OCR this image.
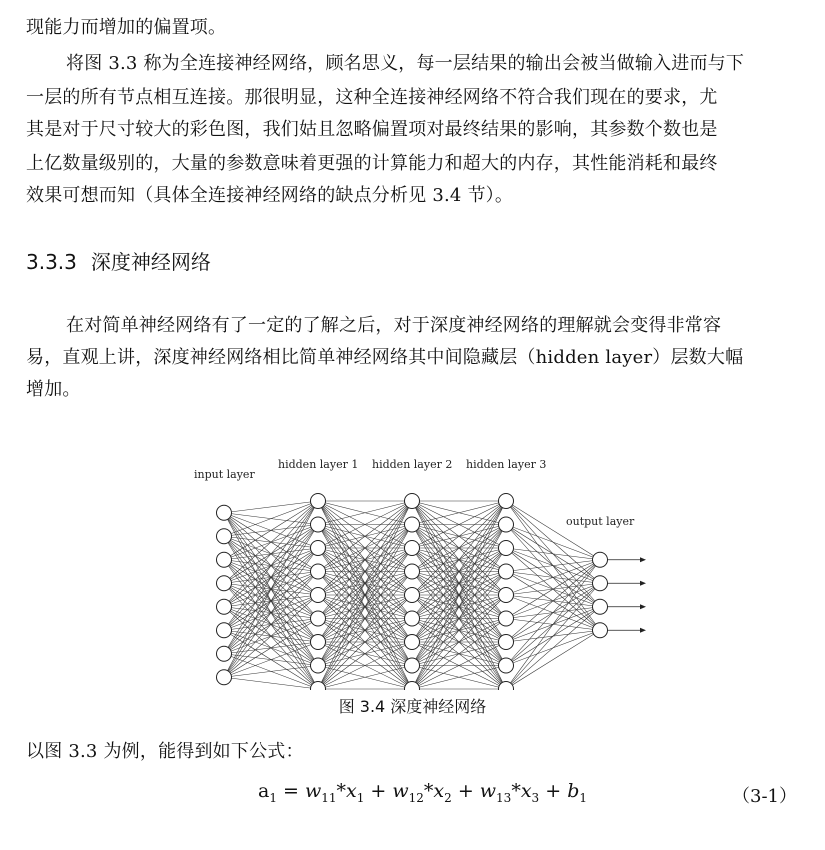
现能力而增加的偏置项。
将图 3.3 称为全连接神经网络，顾名思义，每一层结果的输出会被当做输入进而与下
一层的所有节点相互连接。那很明显，这种全连接神经网络不符合我们现在的要求，尤
其是对于尺寸较大的彩色图，我们姑且忽略偏置项对最终结果的影响，其参数个数也是
上亿数量级别的，大量的参数意味着更强的计算能力和超大的内存，其性能消耗和最终
效果可想而知（具体全连接神经网络的缺点分析见 3.4 节）。
3.3.3 深度神经网络
在对简单神经网络有了一定的了解之后，对于深度神经网络的理解就会变得非常容
易，直观上讲，深度神经网络相比简单神经网络其中间隐藏层（hidden layer）层数大幅
增加。
input layer
hidden layer 1 hidden layer 2 hidden layer 3
output layer
图 3.4 深度神经网络
以图 3.3 为例，能得到如下公式：
$a_1 = w_{11}*x_1 + w_{12}*x_2 + w_{13}*x_3 + b_1$	（3-1）
